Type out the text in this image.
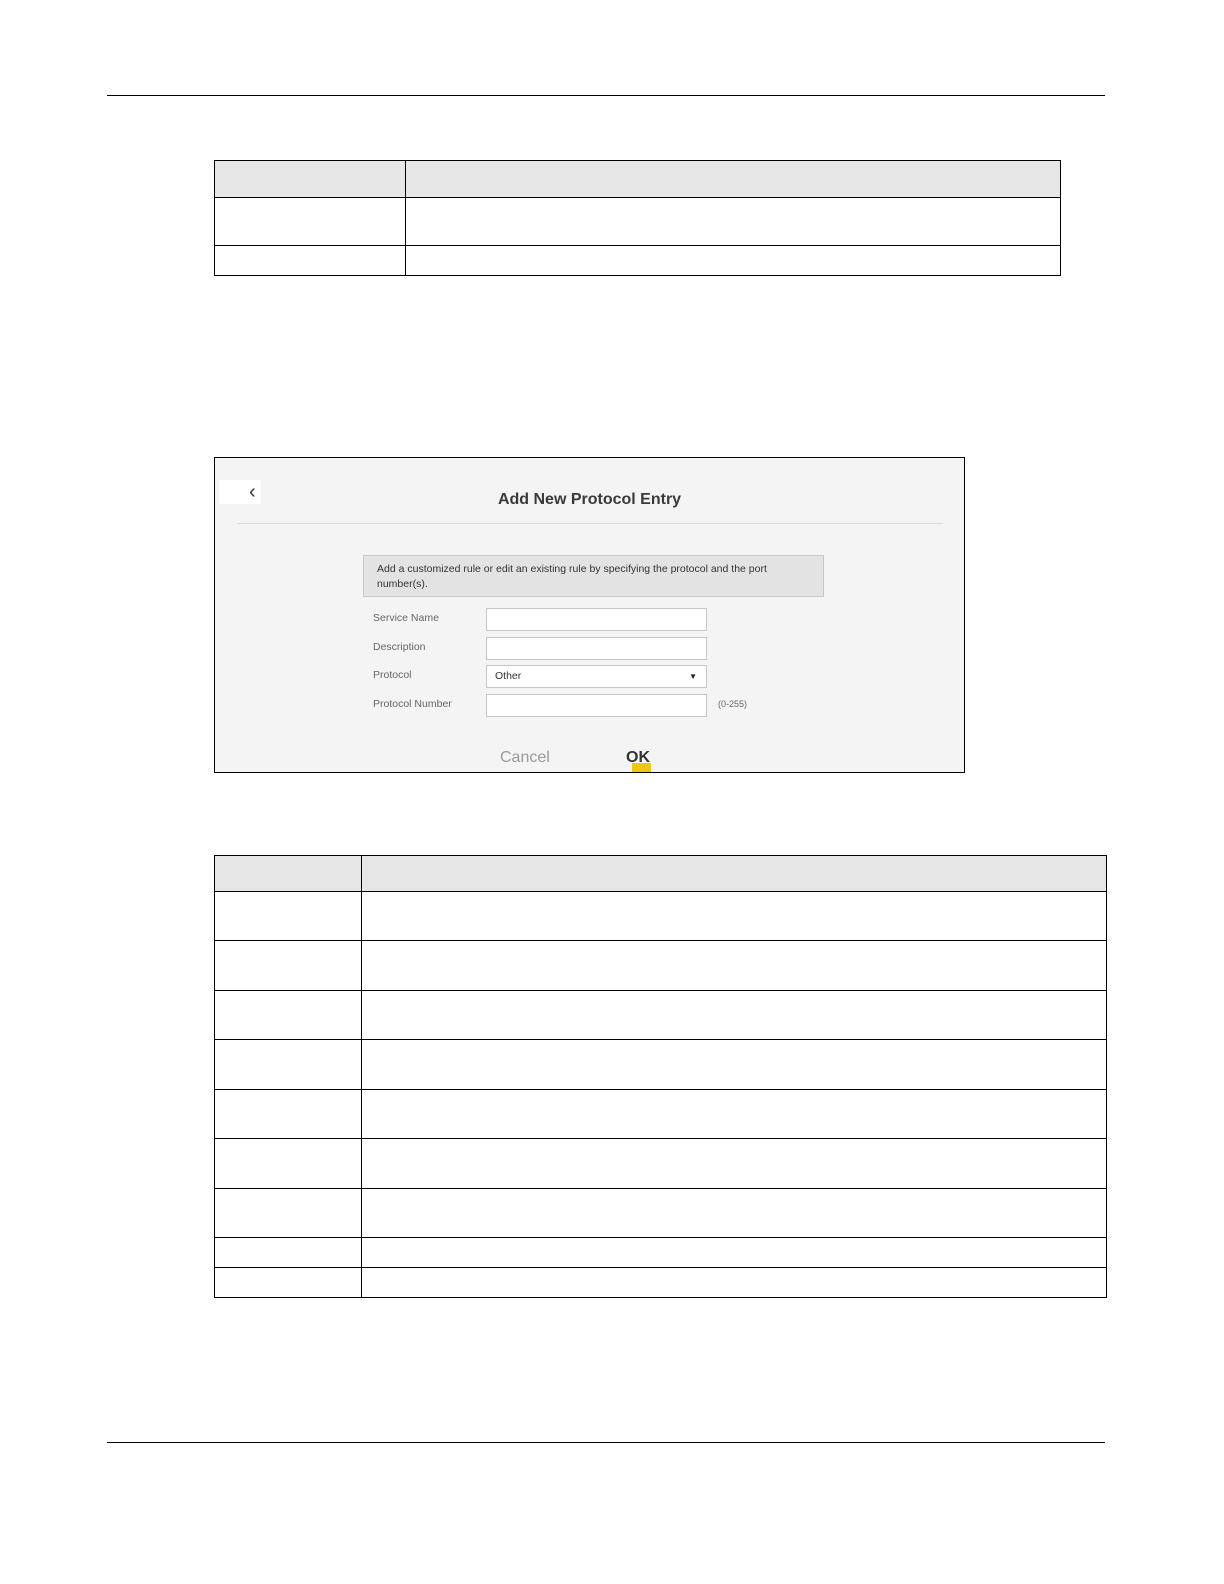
‹	Add New Protocol Entry
Add a customized rule or edit an existing rule by specifying the protocol and the port
number(s).
Service Name
Description
Protocol	Other	▼
Protocol Number	(0-255)
Cancel	OK
